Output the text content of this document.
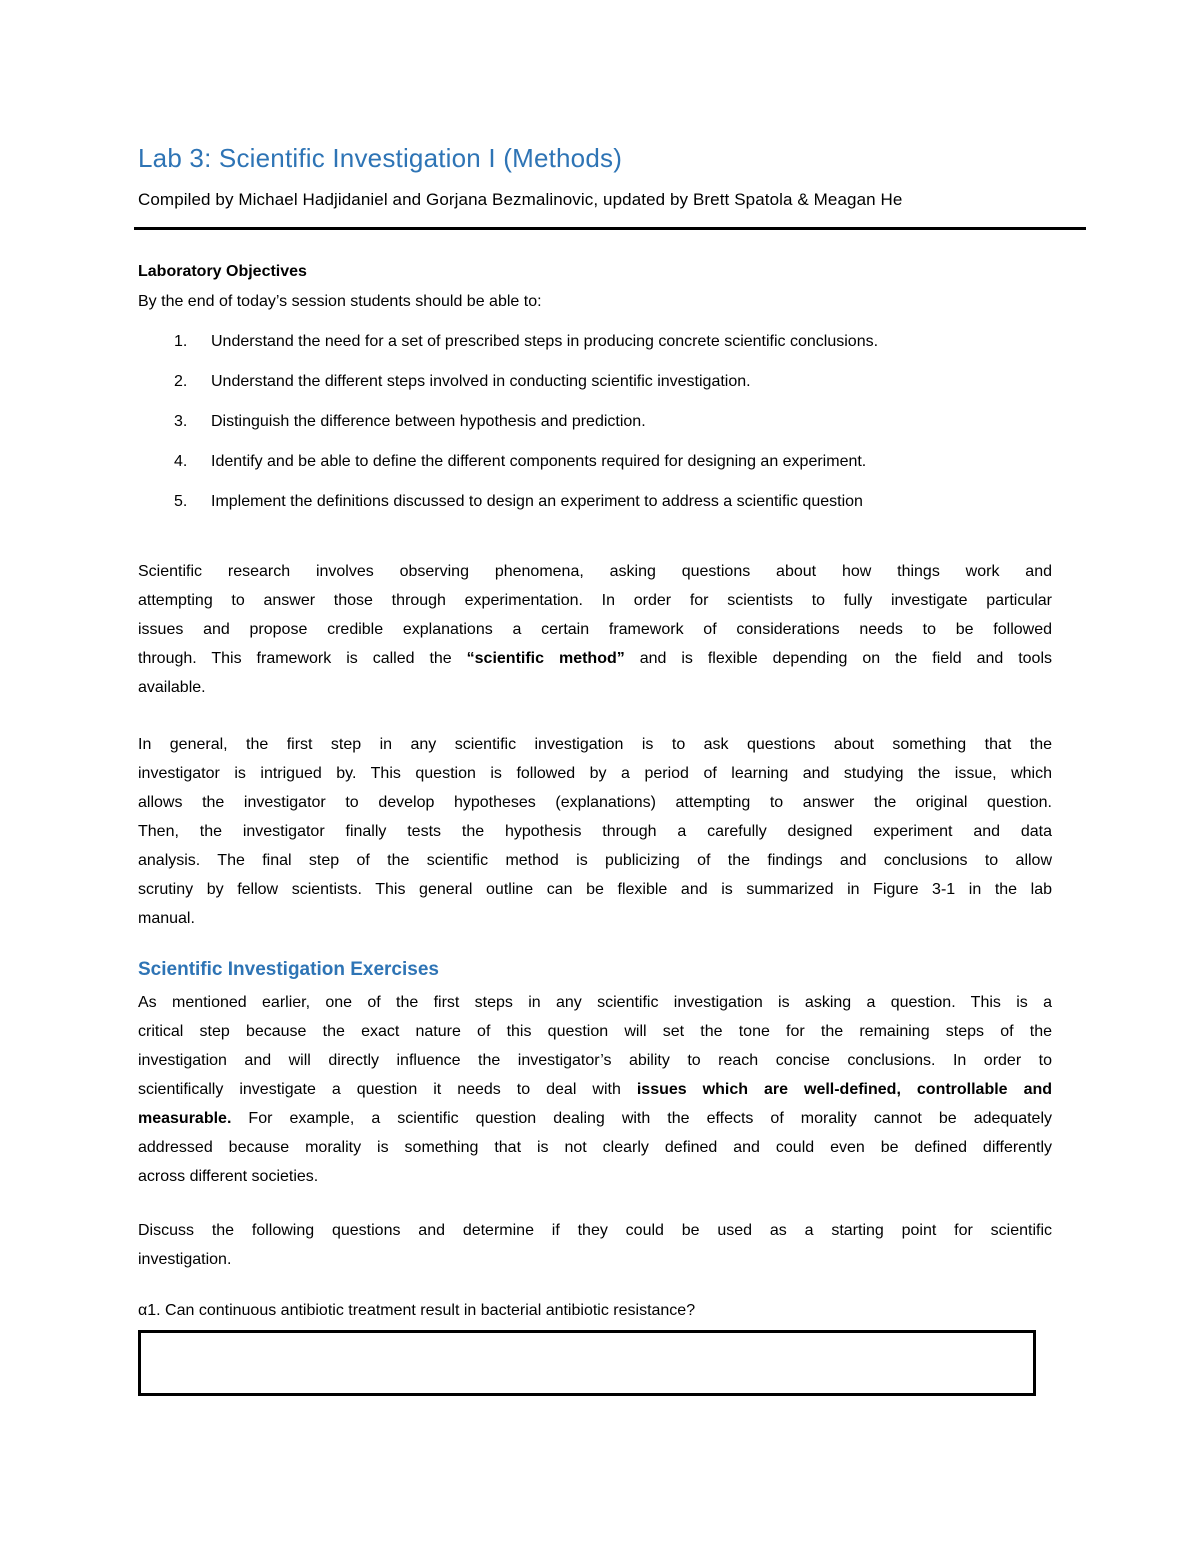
Lab 3: Scientific Investigation I (Methods)
Compiled by Michael Hadjidaniel and Gorjana Bezmalinovic, updated by Brett Spatola & Meagan He
Laboratory Objectives
By the end of today’s session students should be able to:
1. Understand the need for a set of prescribed steps in producing concrete scientific conclusions.
2. Understand the different steps involved in conducting scientific investigation.
3. Distinguish the difference between hypothesis and prediction.
4. Identify and be able to define the different components required for designing an experiment.
5. Implement the definitions discussed to design an experiment to address a scientific question
Scientific research involves observing phenomena, asking questions about how things work and
attempting to answer those through experimentation. In order for scientists to fully investigate particular
issues and propose credible explanations a certain framework of considerations needs to be followed
through. This framework is called the “scientific method” and is flexible depending on the field and tools
available.
In general, the first step in any scientific investigation is to ask questions about something that the
investigator is intrigued by. This question is followed by a period of learning and studying the issue, which
allows the investigator to develop hypotheses (explanations) attempting to answer the original question.
Then, the investigator finally tests the hypothesis through a carefully designed experiment and data
analysis. The final step of the scientific method is publicizing of the findings and conclusions to allow
scrutiny by fellow scientists. This general outline can be flexible and is summarized in Figure 3-1 in the lab
manual.
Scientific Investigation Exercises
As mentioned earlier, one of the first steps in any scientific investigation is asking a question. This is a
critical step because the exact nature of this question will set the tone for the remaining steps of the
investigation and will directly influence the investigator’s ability to reach concise conclusions. In order to
scientifically investigate a question it needs to deal with issues which are well-defined, controllable and
measurable. For example, a scientific question dealing with the effects of morality cannot be adequately
addressed because morality is something that is not clearly defined and could even be defined differently
across different societies.
Discuss the following questions and determine if they could be used as a starting point for scientific
investigation.
α1. Can continuous antibiotic treatment result in bacterial antibiotic resistance?
